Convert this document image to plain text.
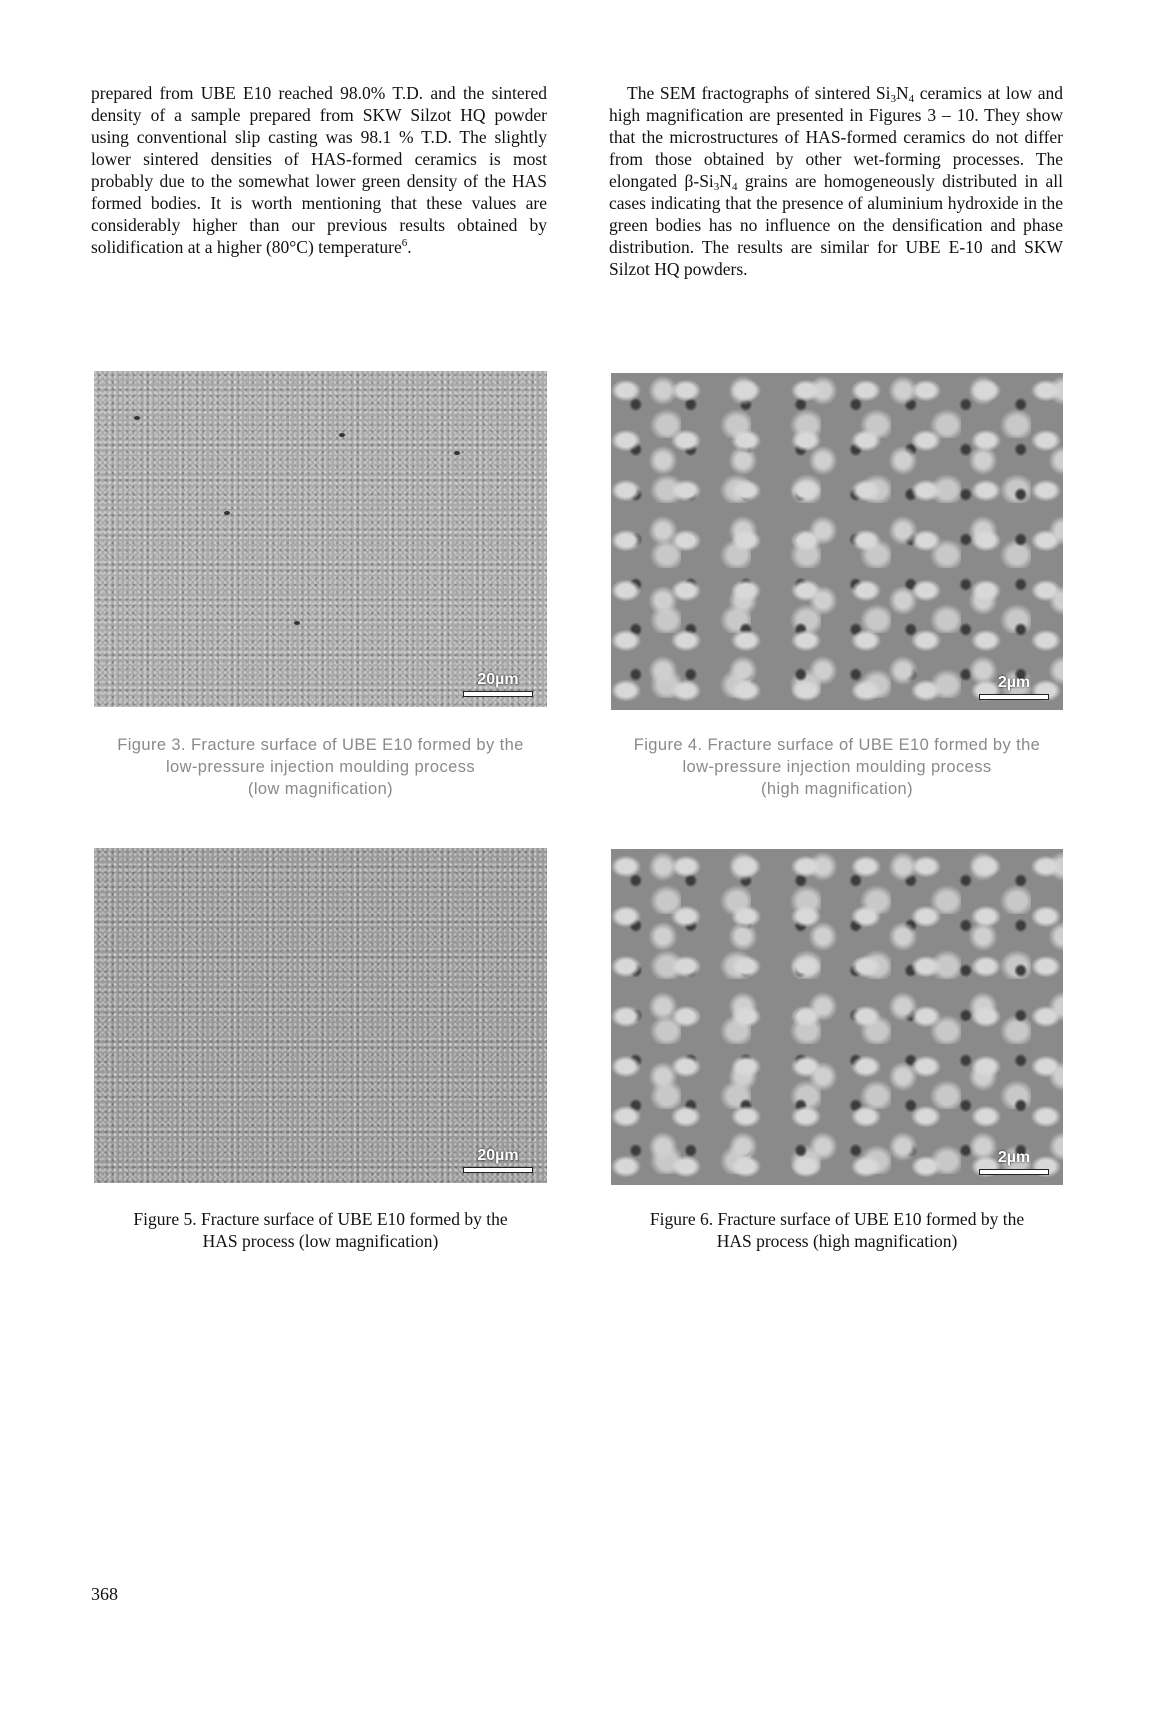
prepared from UBE E10 reached 98.0% T.D. and the sintered density of a sample prepared from SKW Silzot HQ powder using conventional slip casting was 98.1 % T.D. The slightly lower sintered densities of HAS-formed ceramics is most probably due to the somewhat lower green density of the HAS formed bodies. It is worth mentioning that these values are considerably higher than our previous results obtained by solidification at a higher (80°C) temperature$^6$.

The SEM fractographs of sintered $Si_3N_4$ ceramics at low and high magnification are presented in Figures 3 – 10. They show that the microstructures of HAS-formed ceramics do not differ from those obtained by other wet-forming processes. The elongated $\beta-Si_3N_4$ grains are homogeneously distributed in all cases indicating that the presence of aluminium hydroxide in the green bodies has no influence on the densification and phase distribution. The results are similar for UBE E-10 and SKW Silzot HQ powders.

20µm
Figure 3. Fracture surface of UBE E10 formed by the
low-pressure injection moulding process
(low magnification)
2µm
Figure 4. Fracture surface of UBE E10 formed by the
low-pressure injection moulding process
(high magnification)
20µm
Figure 5. Fracture surface of UBE E10 formed by the
HAS process (low magnification)
2µm
Figure 6. Fracture surface of UBE E10 formed by the
HAS process (high magnification)
368
